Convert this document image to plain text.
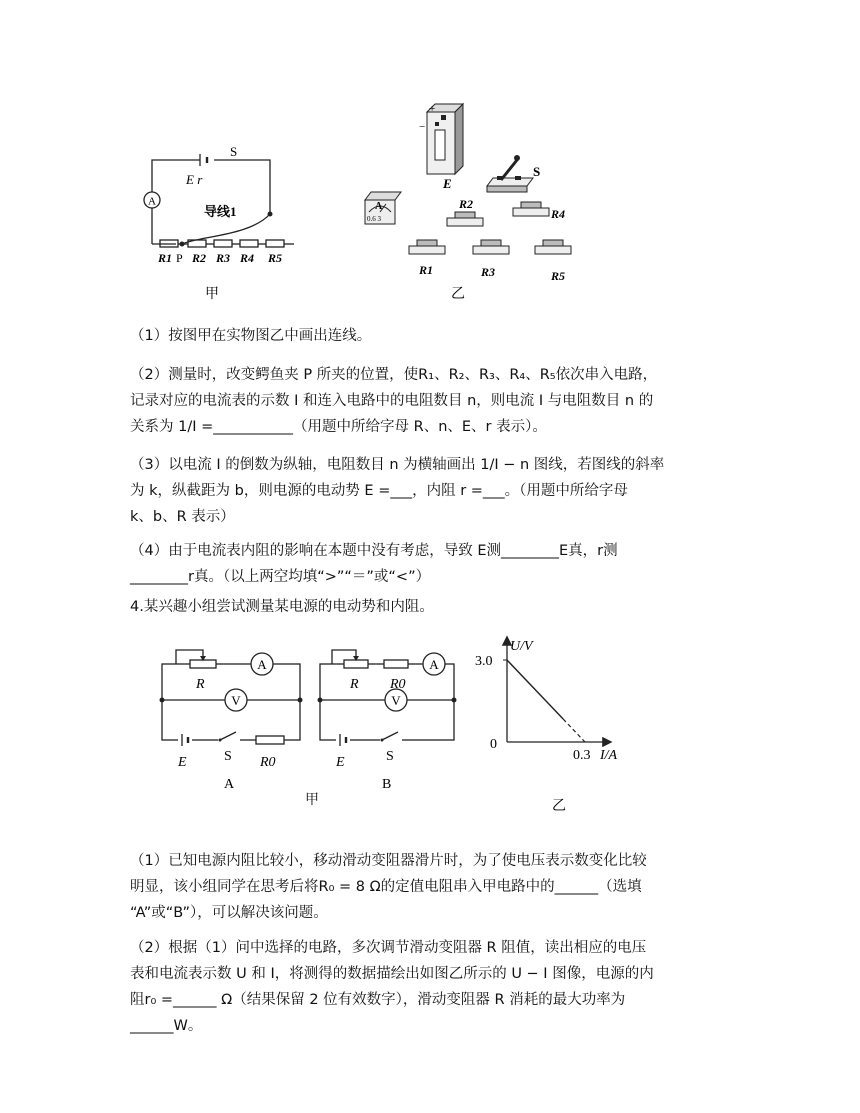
A
S
E r
导线1
P
R1 R2 R3 R4 R5
甲
+
−
E
S
A
0.6 3
R2
R4
R1	R3	R5
乙
（1）按图甲在实物图乙中画出连线。
（2）测量时，改变鳄鱼夹 P 所夹的位置，使R₁、R₂、R₃、R₄、R₅依次串入电路，
记录对应的电流表的示数 I 和连入电路中的电阻数目 n，则电流 I 与电阻数目 n 的
关系为 1/I =___________（用题中所给字母 R、n、E、r 表示）。
（3）以电流 I 的倒数为纵轴，电阻数目 n 为横轴画出 1/I − n 图线，若图线的斜率
为 k，纵截距为 b，则电源的电动势 E =___，内阻 r =___。（用题中所给字母
k、b、R 表示）
（4）由于电流表内阻的影响在本题中没有考虑，导致 E测________E真，r测
________r真。（以上两空均填“>”“＝”或“<”）
4.某兴趣小组尝试测量某电源的电动势和内阻。
A
V
R
E	R0
S
A
A
V
R R0
E	S
B
甲
U/V
I/A
3.0
0
0.3
乙
（1）已知电源内阻比较小，移动滑动变阻器滑片时，为了使电压表示数变化比较
明显，该小组同学在思考后将R₀ = 8 Ω的定值电阻串入甲电路中的______（选填
“A”或“B”），可以解决该问题。
（2）根据（1）问中选择的电路，多次调节滑动变阻器 R 阻值，读出相应的电压
表和电流表示数 U 和 I，将测得的数据描绘出如图乙所示的 U − I 图像，电源的内
阻r₀ =______ Ω（结果保留 2 位有效数字），滑动变阻器 R 消耗的最大功率为
______W。
